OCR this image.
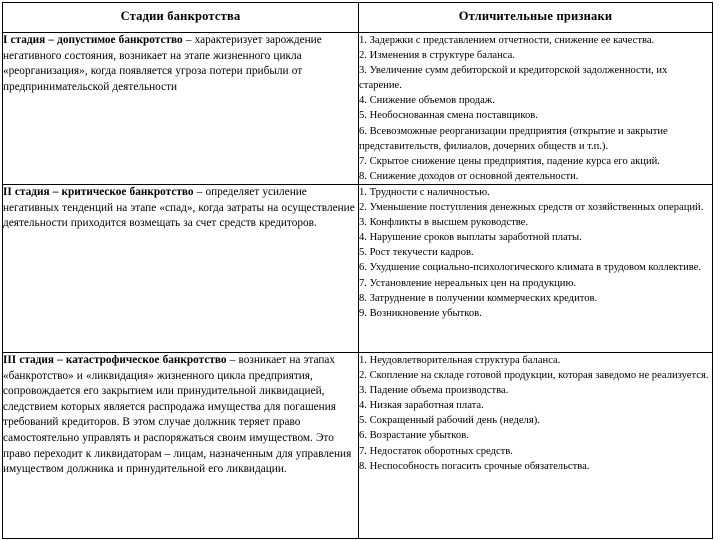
Стадии банкротства	Отличительные признаки

I стадия – допустимое банкротство – характеризует зарождение негативного состояния, возникает на этапе жизненного цикла «реорганизация», когда появляется угроза потери прибыли от предпринимательской деятельности

1. Задержки с представлением отчетности, снижение ее качества.
2. Изменения в структуре баланса.
3. Увеличение сумм дебиторской и кредиторской задолженности, их старение.
4. Снижение объемов продаж.
5. Необоснованная смена поставщиков.
6. Всевозможные реорганизации предприятия (открытие и закрытие представительств, филиалов, дочерних обществ и т.п.).
7. Скрытое снижение цены предприятия, падение курса его акций.
8. Снижение доходов от основной деятельности.

II стадия – критическое банкротство – определяет усиление негативных тенденций на этапе «спад», когда затраты на осуществление деятельности приходится возмещать за счет средств кредиторов.

1. Трудности с наличностью.
2. Уменьшение поступления денежных средств от хозяйственных операций.
3. Конфликты в высшем руководстве.
4. Нарушение сроков выплаты заработной платы.
5. Рост текучести кадров.
6. Ухудшение социально-психологического климата в трудовом коллективе.
7. Установление нереальных цен на продукцию.
8. Затруднение в получении коммерческих кредитов.
9. Возникновение убытков.

III стадия – катастрофическое банкротство – возникает на этапах «банкротство» и «ликвидация» жизненного цикла предприятия, сопровождается его закрытием или принудительной ликвидацией, следствием которых является распродажа имущества для погашения требований кредиторов. В этом случае должник теряет право самостоятельно управлять и распоряжаться своим имуществом. Это право переходит к ликвидаторам – лицам, назначенным для управления имуществом должника и принудительной его ликвидации.

1. Неудовлетворительная структура баланса.
2. Скопление на складе готовой продукции, которая заведомо не реализуется.
3. Падение объема производства.
4. Низкая заработная плата.
5. Сокращенный рабочий день (неделя).
6. Возрастание убытков.
7. Недостаток оборотных средств.
8. Неспособность погасить срочные обязательства.
